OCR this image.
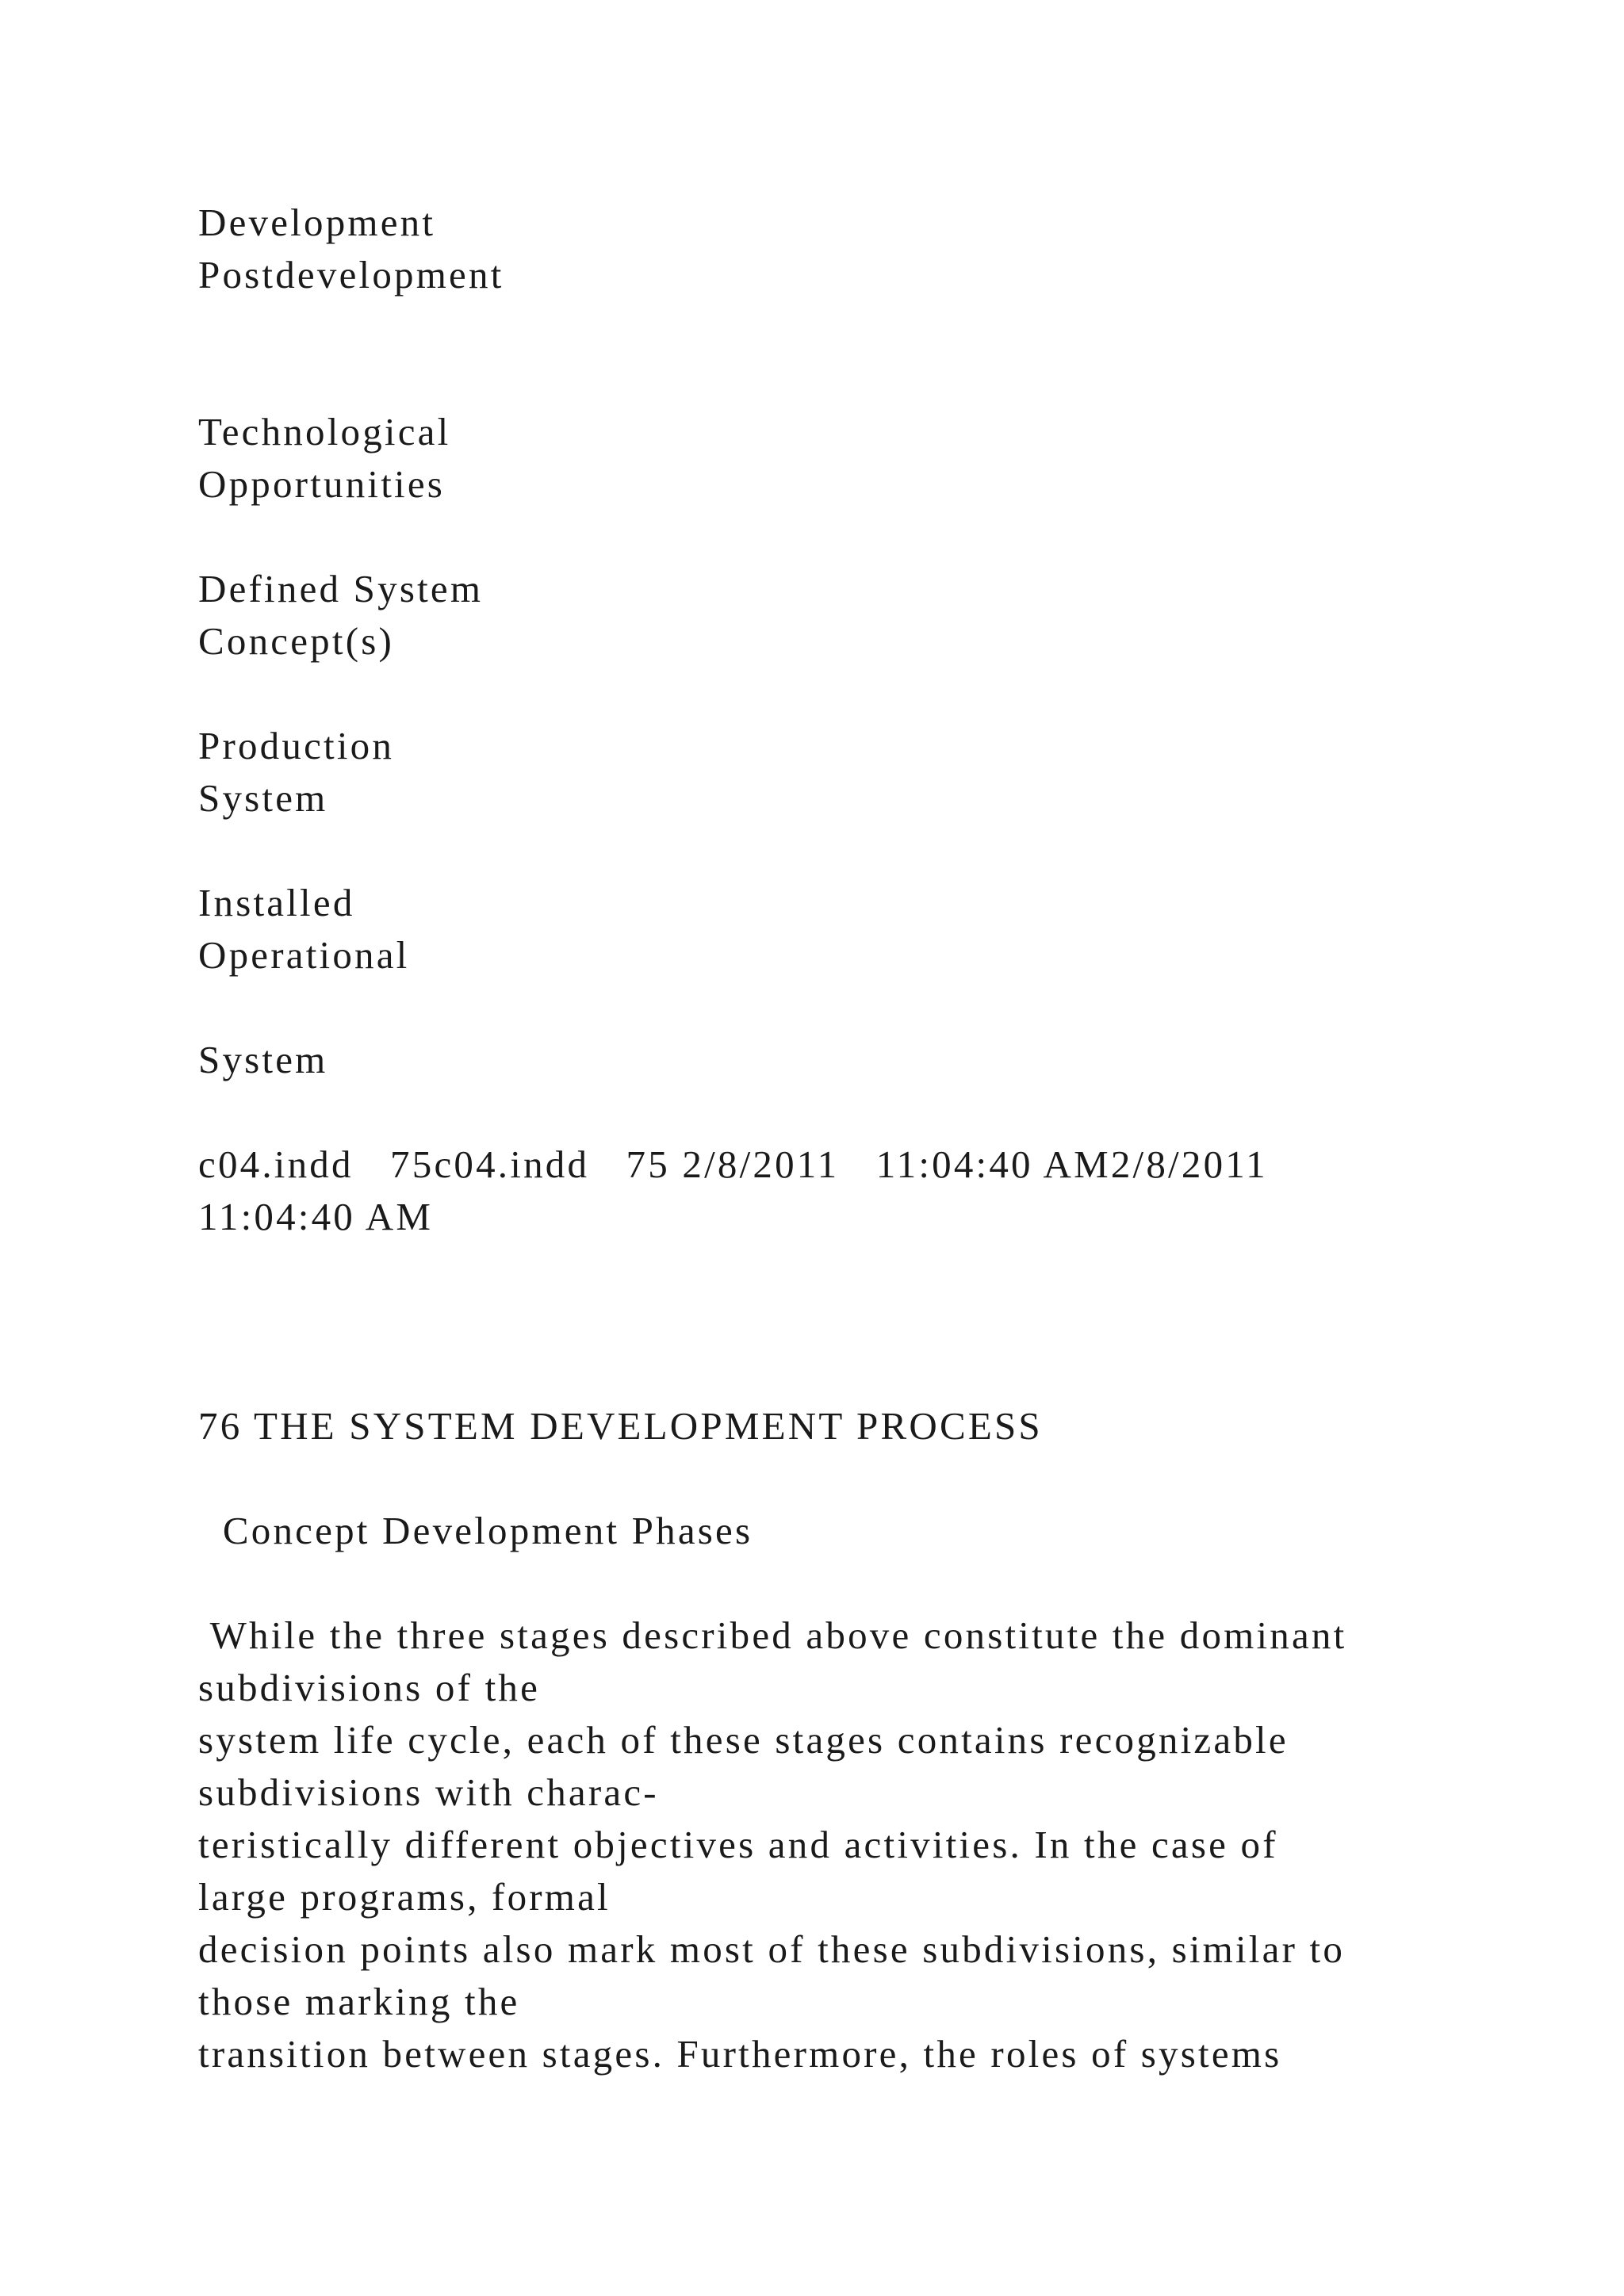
Development
Postdevelopment
Technological
Opportunities
Defined System
Concept(s)
Production
System
Installed
Operational
System
c04.indd   75c04.indd   75 2/8/2011   11:04:40 AM2/8/2011
11:04:40 AM
76 THE SYSTEM DEVELOPMENT PROCESS
Concept Development Phases
While the three stages described above constitute the dominant
subdivisions of the
system life cycle, each of these stages contains recognizable
subdivisions with charac-
teristically different objectives and activities. In the case of
large programs, formal
decision points also mark most of these subdivisions, similar to
those marking the
transition between stages. Furthermore, the roles of systems
